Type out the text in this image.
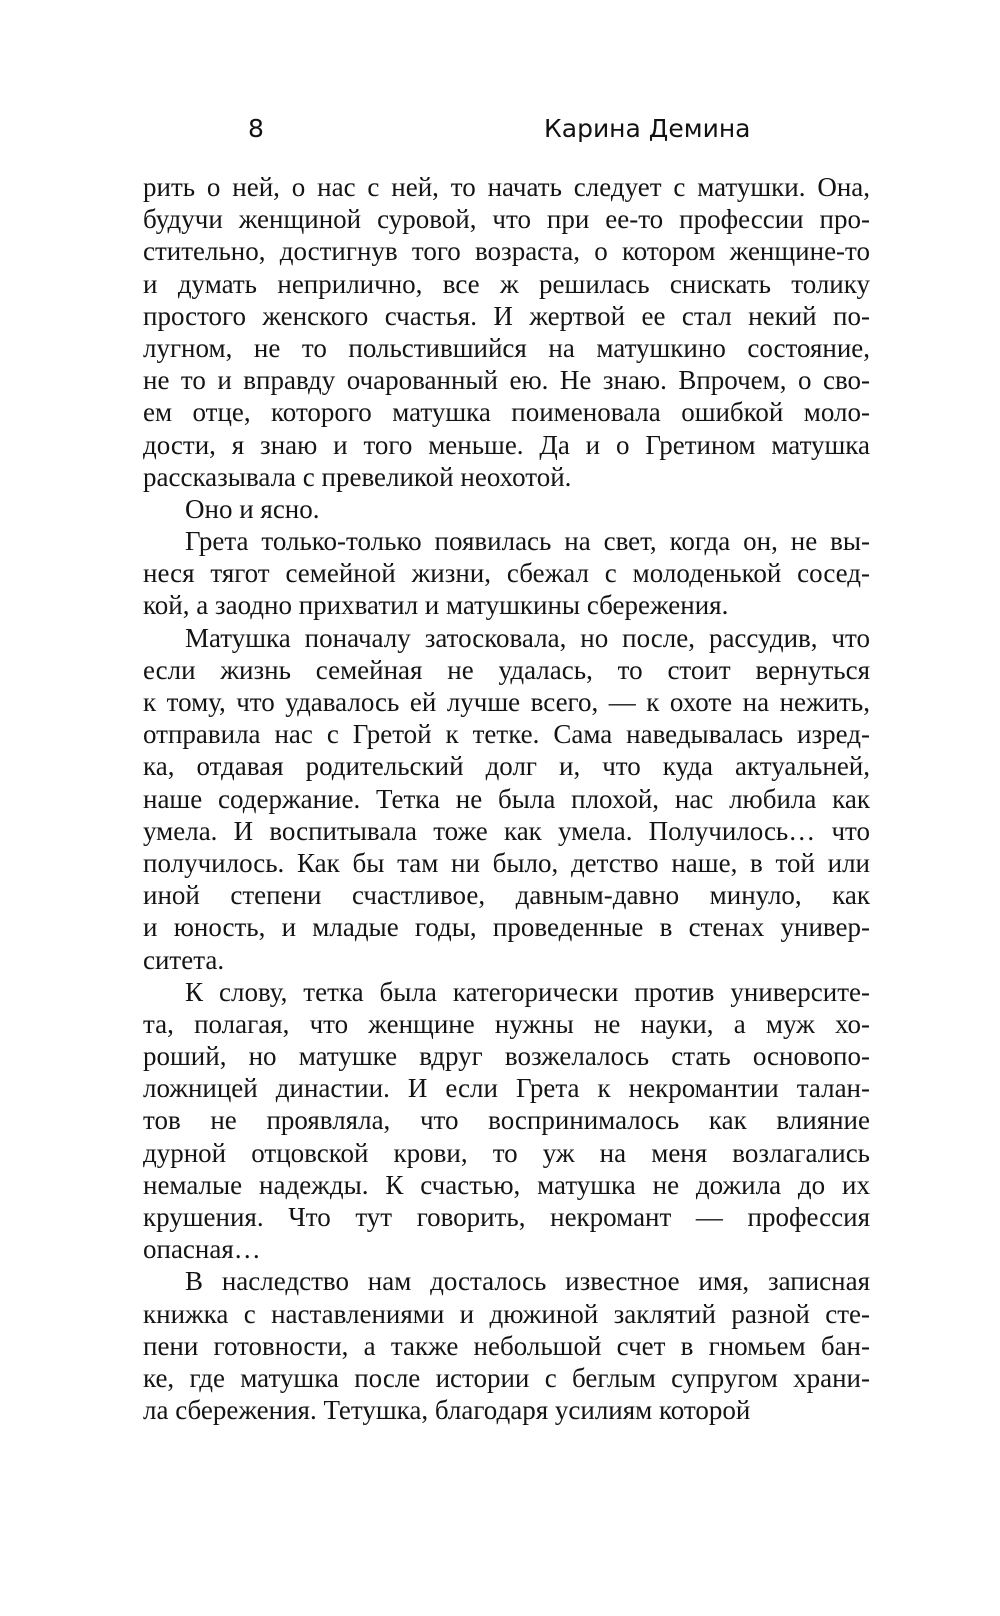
8	Карина Демина
рить о ней, о нас с ней, то начать следует с матушки. Она,
будучи женщиной суровой, что при ее-то профессии про-
стительно, достигнув того возраста, о котором женщине-то
и думать неприлично, все ж решилась снискать толику
простого женского счастья. И жертвой ее стал некий по-
лугном, не то польстившийся на матушкино состояние,
не то и вправду очарованный ею. Не знаю. Впрочем, о сво-
ем отце, которого матушка поименовала ошибкой моло-
дости, я знаю и того меньше. Да и о Гретином матушка
рассказывала с превеликой неохотой.
Оно и ясно.
Грета только-только появилась на свет, когда он, не вы-
неся тягот семейной жизни, сбежал с молоденькой сосед-
кой, а заодно прихватил и матушкины сбережения.
Матушка поначалу затосковала, но после, рассудив, что
если жизнь семейная не удалась, то стоит вернуться
к тому, что удавалось ей лучше всего, — к охоте на нежить,
отправила нас с Гретой к тетке. Сама наведывалась изред-
ка, отдавая родительский долг и, что куда актуальней,
наше содержание. Тетка не была плохой, нас любила как
умела. И воспитывала тоже как умела. Получилось… что
получилось. Как бы там ни было, детство наше, в той или
иной степени счастливое, давным-давно минуло, как
и юность, и младые годы, проведенные в стенах универ-
ситета.
К слову, тетка была категорически против университе-
та, полагая, что женщине нужны не науки, а муж хо-
роший, но матушке вдруг возжелалось стать основопо-
ложницей династии. И если Грета к некромантии талан-
тов не проявляла, что воспринималось как влияние
дурной отцовской крови, то уж на меня возлагались
немалые надежды. К счастью, матушка не дожила до их
крушения. Что тут говорить, некромант — профессия
опасная…
В наследство нам досталось известное имя, записная
книжка с наставлениями и дюжиной заклятий разной сте-
пени готовности, а также небольшой счет в гномьем бан-
ке, где матушка после истории с беглым супругом храни-
ла сбережения. Тетушка, благодаря усилиям которой
